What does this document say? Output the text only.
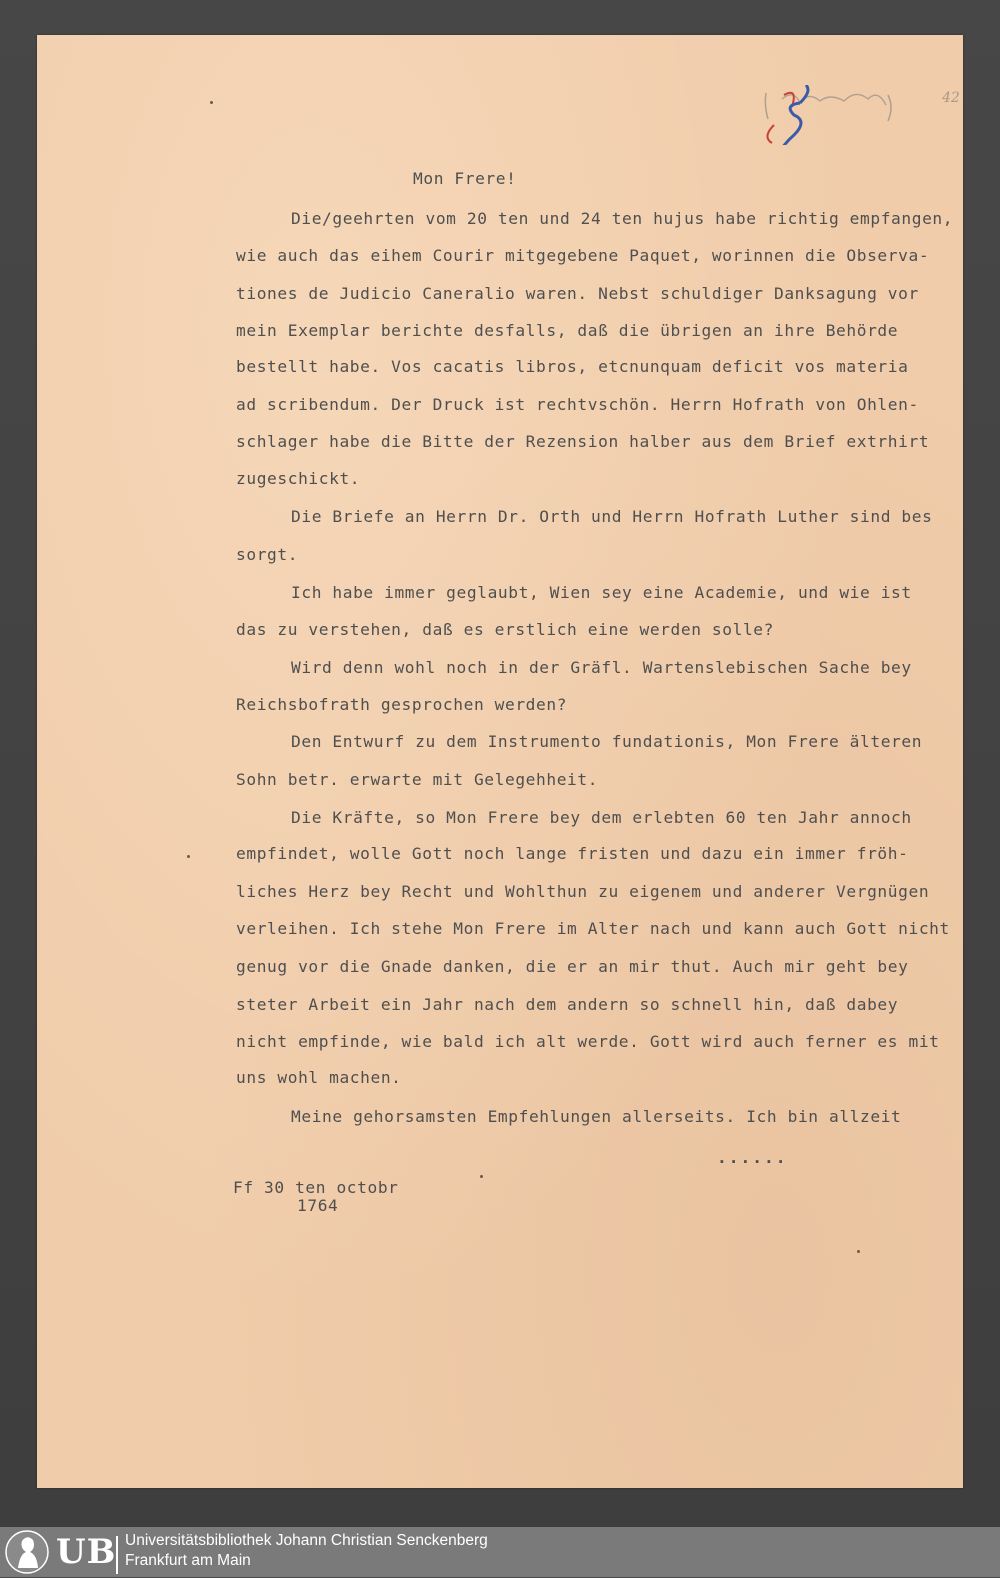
42
Mon Frere!
Die/geehrten vom 20 ten und 24 ten hujus habe richtig empfangen,
wie auch das eihem Courir mitgegebene Paquet, worinnen die Observa-
tiones de Judicio Caneralio waren. Nebst schuldiger Danksagung vor
mein Exemplar berichte desfalls, daß die übrigen an ihre Behörde
bestellt habe. Vos cacatis libros, etcnunquam deficit vos materia
ad scribendum. Der Druck ist rechtvschön. Herrn Hofrath von Ohlen-
schlager habe die Bitte der Rezension halber aus dem Brief extrhirt
zugeschickt.
Die Briefe an Herrn Dr. Orth und Herrn Hofrath Luther sind bes
sorgt.
Ich habe immer geglaubt, Wien sey eine Academie, und wie ist
das zu verstehen, daß es erstlich eine werden solle?
Wird denn wohl noch in der Gräfl. Wartenslebischen Sache bey
Reichsbofrath gesprochen werden?
Den Entwurf zu dem Instrumento fundationis, Mon Frere älteren
Sohn betr. erwarte mit Gelegehheit.
Die Kräfte, so Mon Frere bey dem erlebten 60 ten Jahr annoch
empfindet, wolle Gott noch lange fristen und dazu ein immer fröh-
liches Herz bey Recht und Wohlthun zu eigenem und anderer Vergnügen
verleihen. Ich stehe Mon Frere im Alter nach und kann auch Gott nicht
genug vor die Gnade danken, die er an mir thut. Auch mir geht bey
steter Arbeit ein Jahr nach dem andern so schnell hin, daß dabey
nicht empfinde, wie bald ich alt werde. Gott wird auch ferner es mit
uns wohl machen.
Meine gehorsamsten Empfehlungen allerseits. Ich bin allzeit
......
Ff 30 ten octobr
1764
UB Universitätsbibliothek Johann Christian Senckenberg
Frankfurt am Main
